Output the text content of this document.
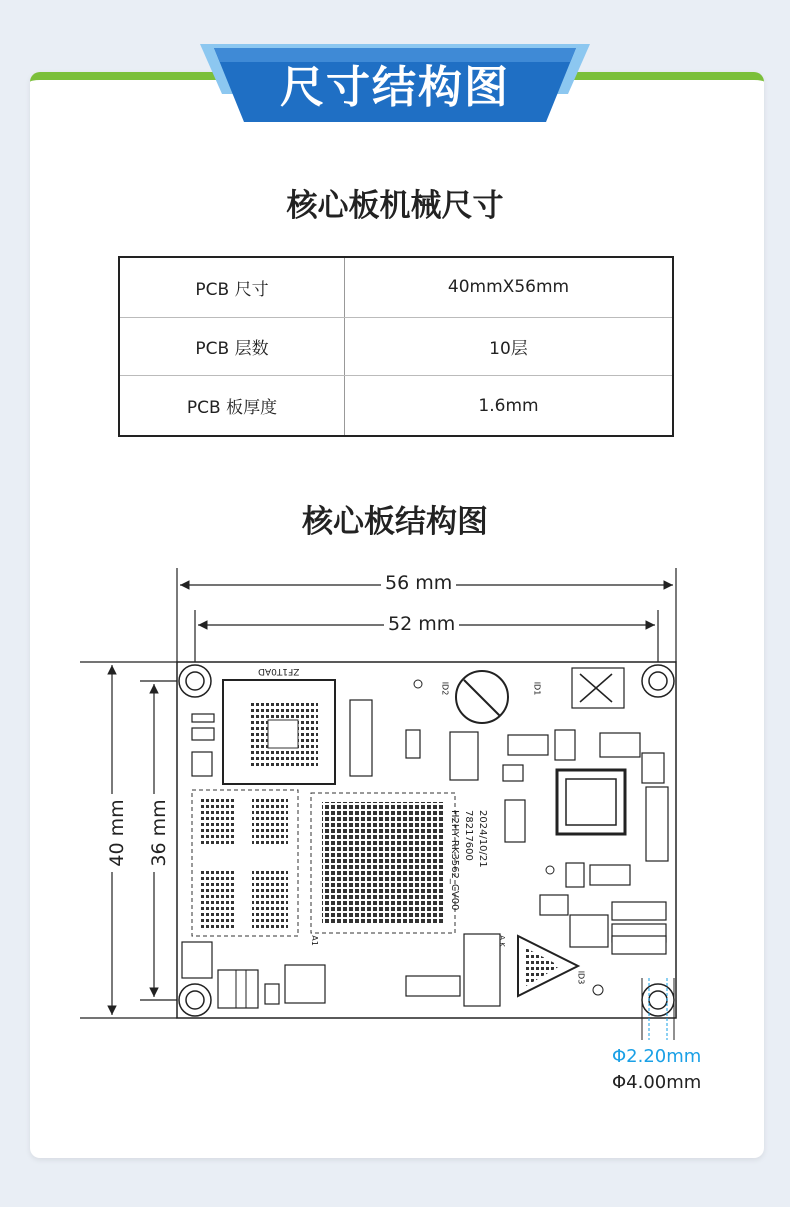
尺寸结构图
核心板机械尺寸
PCB 尺寸	40mmX56mm
PCB 层数	10层
PCB 板厚度	1.6mm
核心板结构图
H2HY-RK3562_CV00 78217600 2024/10/21
ZF1T0AD
ID1
ID2
ID3
A1	A K
56 mm
52 mm
40 mm 36 mm
Φ2.20mm
Φ4.00mm
